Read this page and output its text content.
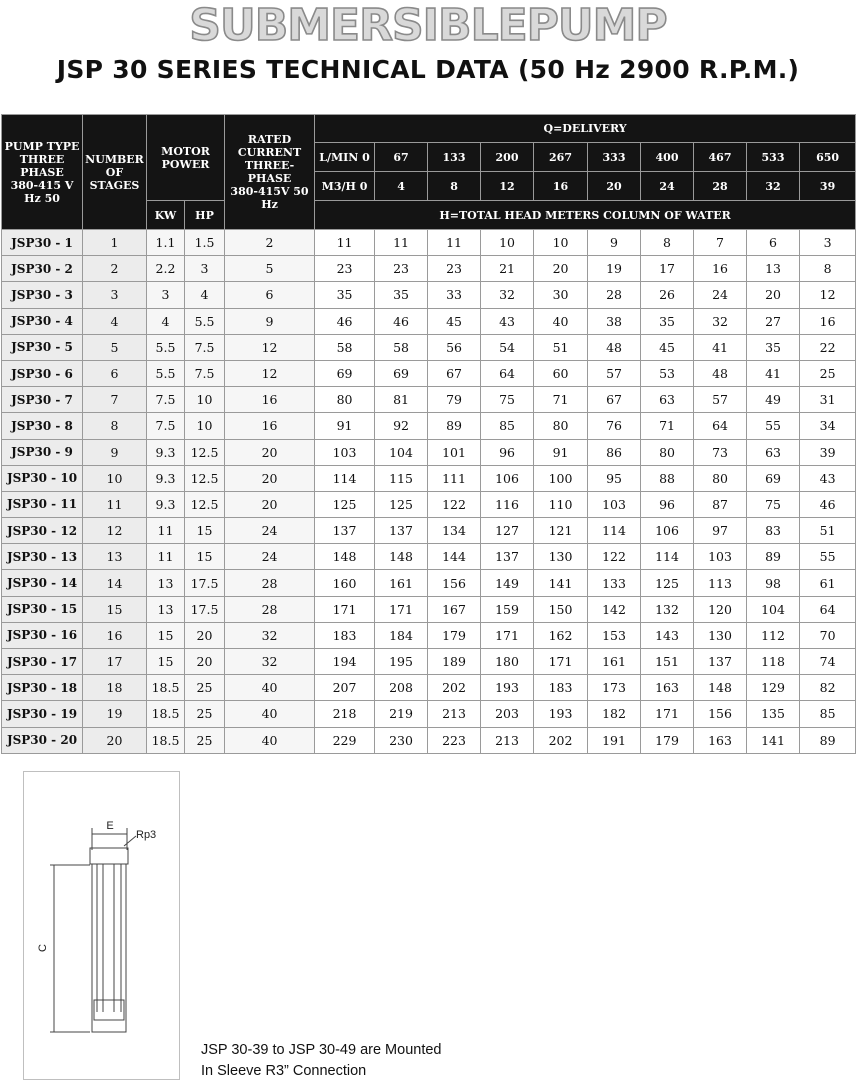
SUBMERSIBLEPUMP
JSP 30 SERIES TECHNICAL DATA (50 Hz 2900 R.P.M.)
PUMP TYPE
THREE
PHASE
380-415 V
Hz 50	NUMBER
OF
STAGES	MOTOR
POWER		RATED
CURRENT
THREE-PHASE
380-415V 50 Hz	Q=DELIVERY									
					L/MIN 0	67	133	200	267	333	400	467	533	650
					M3/H 0	4	8	12	16	20	24	28	32	39
		KW	HP		H=TOTAL HEAD METERS COLUMN OF WATER									
JSP30 - 1	1	1.1	1.5	2	11	11	11	10	10	9	8	7	6	3
JSP30 - 2	2	2.2	3	5	23	23	23	21	20	19	17	16	13	8
JSP30 - 3	3	3	4	6	35	35	33	32	30	28	26	24	20	12
JSP30 - 4	4	4	5.5	9	46	46	45	43	40	38	35	32	27	16
JSP30 - 5	5	5.5	7.5	12	58	58	56	54	51	48	45	41	35	22
JSP30 - 6	6	5.5	7.5	12	69	69	67	64	60	57	53	48	41	25
JSP30 - 7	7	7.5	10	16	80	81	79	75	71	67	63	57	49	31
JSP30 - 8	8	7.5	10	16	91	92	89	85	80	76	71	64	55	34
JSP30 - 9	9	9.3	12.5	20	103	104	101	96	91	86	80	73	63	39
JSP30 - 10	10	9.3	12.5	20	114	115	111	106	100	95	88	80	69	43
JSP30 - 11	11	9.3	12.5	20	125	125	122	116	110	103	96	87	75	46
JSP30 - 12	12	11	15	24	137	137	134	127	121	114	106	97	83	51
JSP30 - 13	13	11	15	24	148	148	144	137	130	122	114	103	89	55
JSP30 - 14	14	13	17.5	28	160	161	156	149	141	133	125	113	98	61
JSP30 - 15	15	13	17.5	28	171	171	167	159	150	142	132	120	104	64
JSP30 - 16	16	15	20	32	183	184	179	171	162	153	143	130	112	70
JSP30 - 17	17	15	20	32	194	195	189	180	171	161	151	137	118	74
JSP30 - 18	18	18.5	25	40	207	208	202	193	183	173	163	148	129	82
JSP30 - 19	19	18.5	25	40	218	219	213	203	193	182	171	156	135	85
JSP30 - 20	20	18.5	25	40	229	230	223	213	202	191	179	163	141	89
E
Rp3
C
JSP 30-39 to JSP 30-49 are Mounted
In Sleeve R3” Connection
